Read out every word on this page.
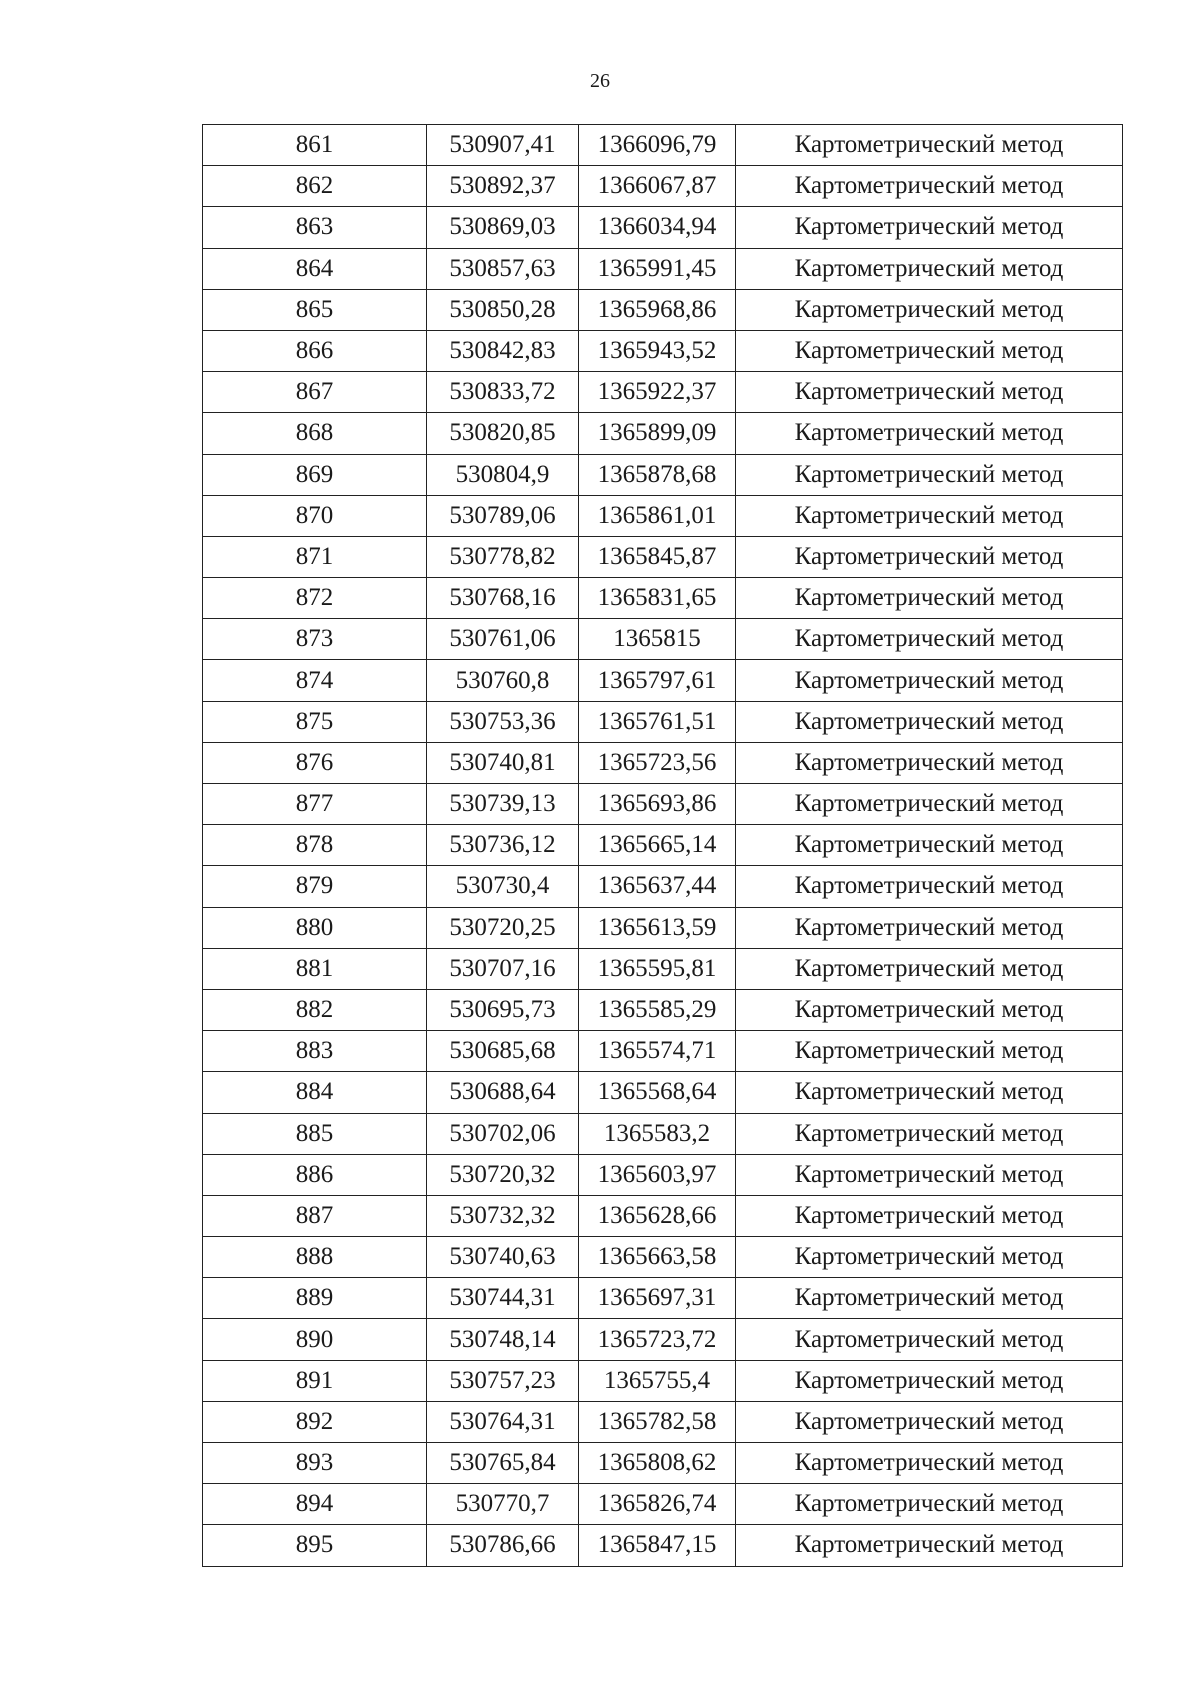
26
861	530907,41	1366096,79	Картометрический метод
862	530892,37	1366067,87	Картометрический метод
863	530869,03	1366034,94	Картометрический метод
864	530857,63	1365991,45	Картометрический метод
865	530850,28	1365968,86	Картометрический метод
866	530842,83	1365943,52	Картометрический метод
867	530833,72	1365922,37	Картометрический метод
868	530820,85	1365899,09	Картометрический метод
869	530804,9	1365878,68	Картометрический метод
870	530789,06	1365861,01	Картометрический метод
871	530778,82	1365845,87	Картометрический метод
872	530768,16	1365831,65	Картометрический метод
873	530761,06	1365815	Картометрический метод
874	530760,8	1365797,61	Картометрический метод
875	530753,36	1365761,51	Картометрический метод
876	530740,81	1365723,56	Картометрический метод
877	530739,13	1365693,86	Картометрический метод
878	530736,12	1365665,14	Картометрический метод
879	530730,4	1365637,44	Картометрический метод
880	530720,25	1365613,59	Картометрический метод
881	530707,16	1365595,81	Картометрический метод
882	530695,73	1365585,29	Картометрический метод
883	530685,68	1365574,71	Картометрический метод
884	530688,64	1365568,64	Картометрический метод
885	530702,06	1365583,2	Картометрический метод
886	530720,32	1365603,97	Картометрический метод
887	530732,32	1365628,66	Картометрический метод
888	530740,63	1365663,58	Картометрический метод
889	530744,31	1365697,31	Картометрический метод
890	530748,14	1365723,72	Картометрический метод
891	530757,23	1365755,4	Картометрический метод
892	530764,31	1365782,58	Картометрический метод
893	530765,84	1365808,62	Картометрический метод
894	530770,7	1365826,74	Картометрический метод
895	530786,66	1365847,15	Картометрический метод
